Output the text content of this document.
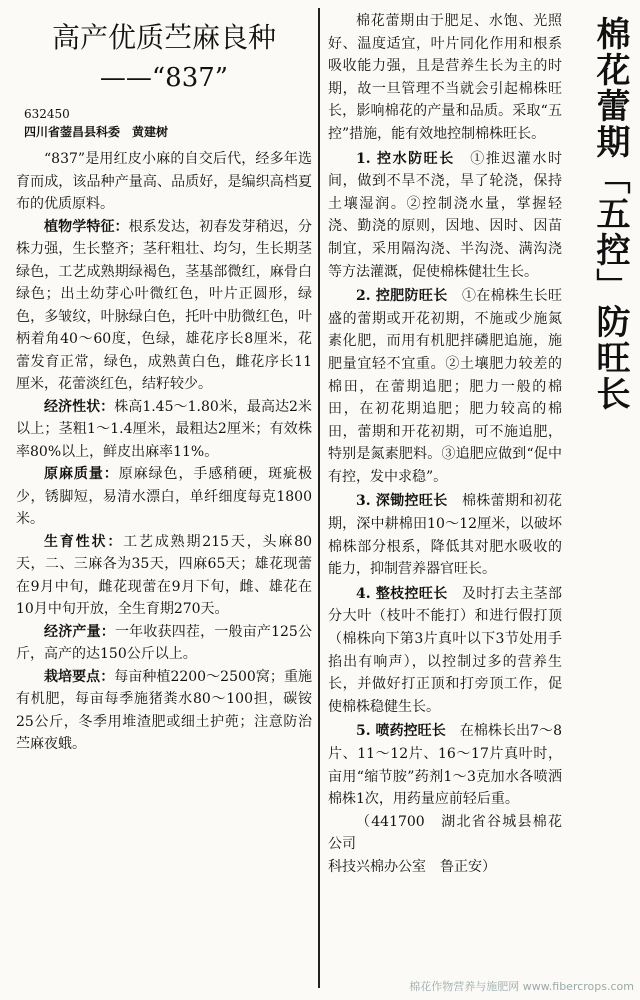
高产优质苎麻良种
——“837”
632450
四川省蓥昌县科委　黄建树

“837”是用红皮小麻的自交后代，经多年选育而成，该品种产量高、品质好，是编织高档夏布的优质原料。

植物学特征：根系发达，初春发芽稍迟，分株力强，生长整齐；茎秆粗壮、均匀，生长期茎绿色，工艺成熟期绿褐色，茎基部微红，麻骨白绿色；出土幼芽心叶微红色，叶片正圆形，绿色，多皱纹，叶脉绿白色，托叶中肋微红色，叶柄着角40～60度，色绿，雄花序长8厘米，花蕾发育正常，绿色，成熟黄白色，雌花序长11厘米，花蕾淡红色，结籽较少。

经济性状：株高1.45～1.80米，最高达2米以上；茎粗1～1.4厘米，最粗达2厘米；有效株率80%以上，鲜皮出麻率11%。

原麻质量：原麻绿色，手感稍硬，斑疵极少，锈脚短，易清水漂白，单纤细度每克1800米。

生育性状：工艺成熟期215天，头麻80天，二、三麻各为35天，四麻65天；雄花现蕾在9月中旬，雌花现蕾在9月下旬，雌、雄花在10月中旬开放，全生育期270天。

经济产量：一年收获四茬，一般亩产125公斤，高产的达150公斤以上。

栽培要点：每亩种植2200～2500窝；重施有机肥，每亩每季施猪粪水80～100担，碳铵25公斤，冬季用堆渣肥或细土护蔸；注意防治苎麻夜蛾。

棉花蕾期由于肥足、水饱、光照好、温度适宜，叶片同化作用和根系吸收能力强，且是营养生长为主的时期，故一旦管理不当就会引起棉株旺长，影响棉花的产量和品质。采取“五控”措施，能有效地控制棉株旺长。

1. 控水防旺长　 ①推迟灌水时间，做到不旱不浇，旱了轮浇，保持土壤湿润。②控制浇水量，掌握轻浇、勤浇的原则，因地、因时、因苗制宜，采用隔沟浇、半沟浇、满沟浇等方法灌溉，促使棉株健壮生长。

2. 控肥防旺长　 ①在棉株生长旺盛的蕾期或开花初期，不施或少施氮素化肥，而用有机肥拌磷肥追施，施肥量宜轻不宜重。②土壤肥力较差的棉田，在蕾期追肥；肥力一般的棉田，在初花期追肥；肥力较高的棉田，蕾期和开花初期，可不施追肥，特别是氮素肥料。③追肥应做到“促中有控，发中求稳”。

3. 深锄控旺长　 棉株蕾期和初花期，深中耕棉田10～12厘米，以破坏棉株部分根系，降低其对肥水吸收的能力，抑制营养器官旺长。

4. 整枝控旺长　 及时打去主茎部分大叶（枝叶不能打）和进行假打顶（棉株向下第3片真叶以下3节处用手掐出有响声），以控制过多的营养生长，并做好打正顶和打旁顶工作，促使棉株稳健生长。

5. 喷药控旺长　 在棉株长出7～8片、11～12片、16～17片真叶时，亩用“缩节胺”药剂1～3克加水各喷洒棉株1次，用药量应前轻后重。

（441700　 湖北省谷城县棉花公司

科技兴棉办公室　鲁正安）

棉花蕾期「五控」防旺长
棉花作物营养与施肥网 www.fibercrops.com
